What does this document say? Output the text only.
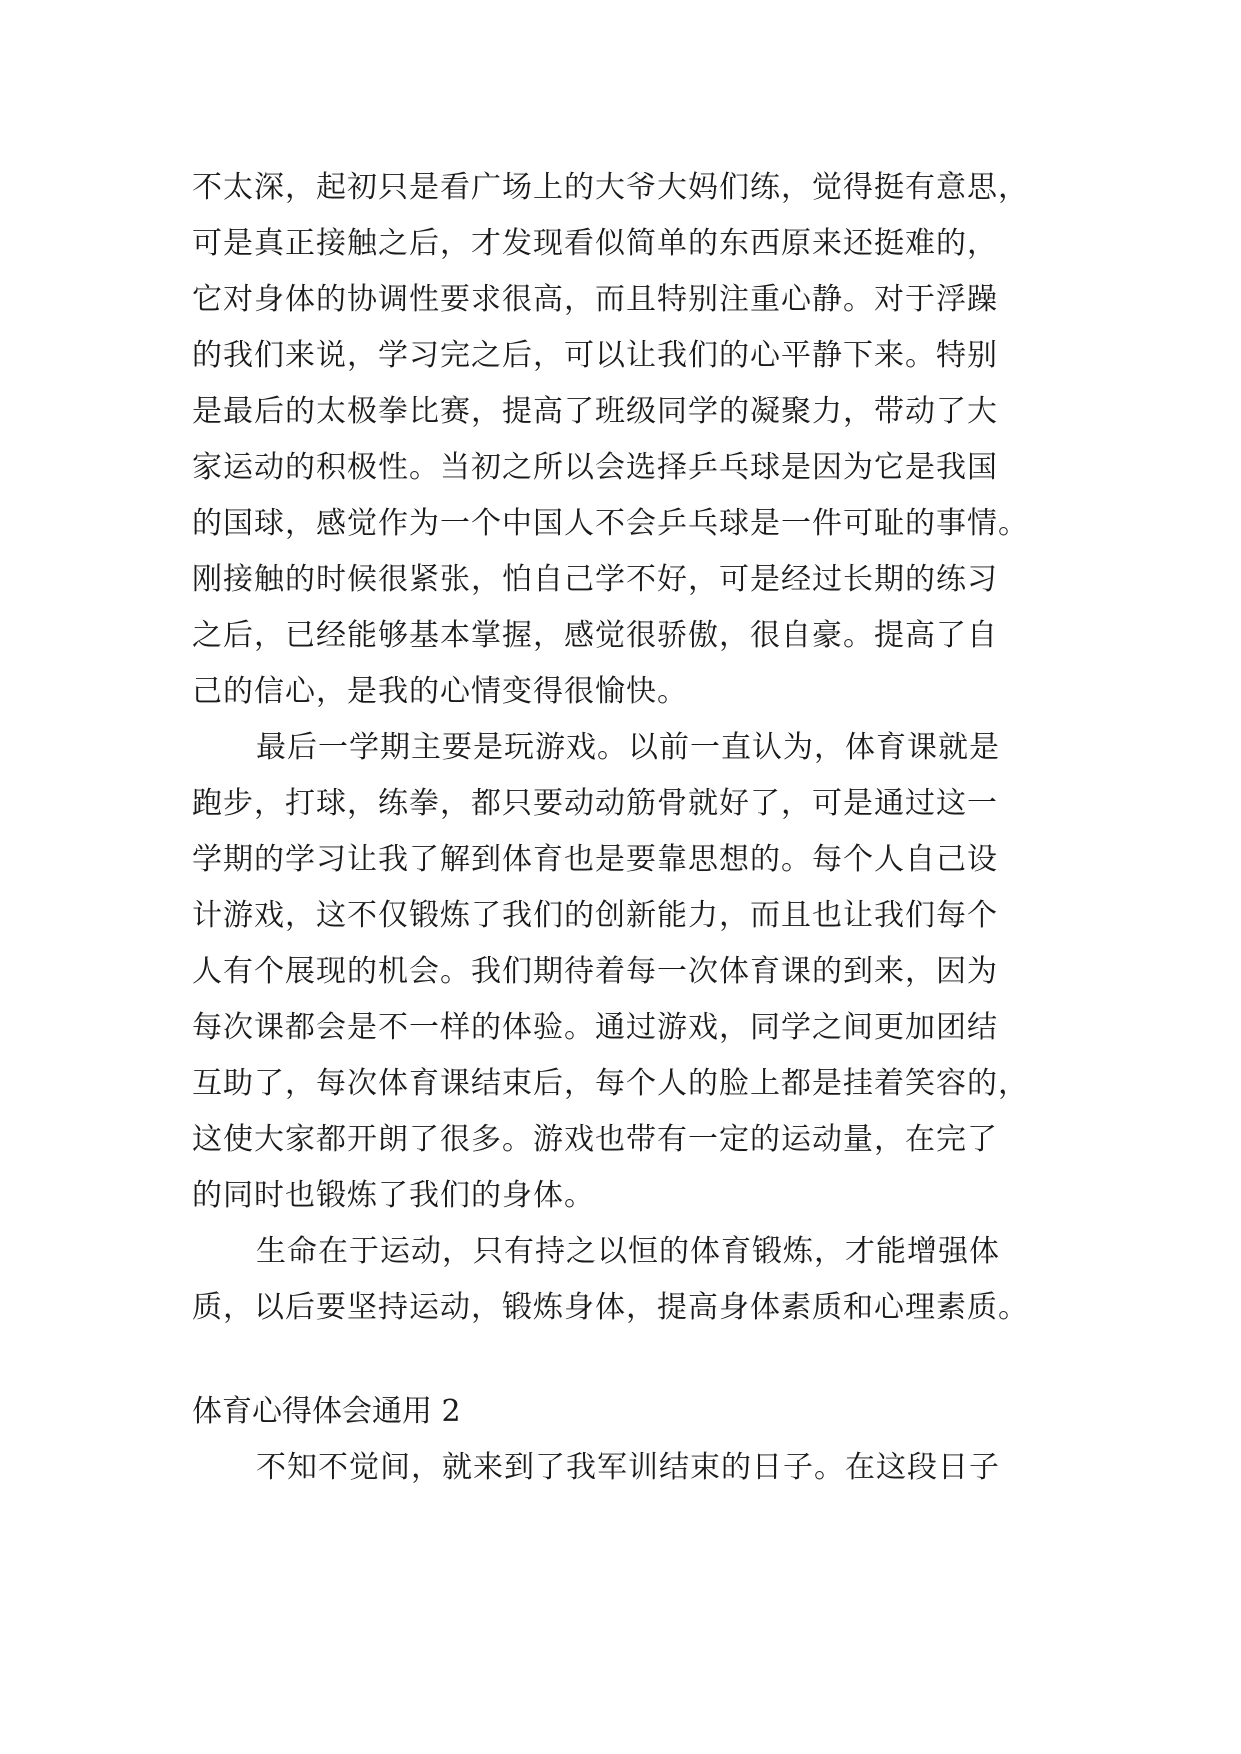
不太深，起初只是看广场上的大爷大妈们练，觉得挺有意思，
可是真正接触之后，才发现看似简单的东西原来还挺难的，
它对身体的协调性要求很高，而且特别注重心静。对于浮躁
的我们来说，学习完之后，可以让我们的心平静下来。特别
是最后的太极拳比赛，提高了班级同学的凝聚力，带动了大
家运动的积极性。当初之所以会选择乒乓球是因为它是我国
的国球，感觉作为一个中国人不会乒乓球是一件可耻的事情。
刚接触的时候很紧张，怕自己学不好，可是经过长期的练习
之后，已经能够基本掌握，感觉很骄傲，很自豪。提高了自
己的信心，是我的心情变得很愉快。
最后一学期主要是玩游戏。以前一直认为，体育课就是
跑步，打球，练拳，都只要动动筋骨就好了，可是通过这一
学期的学习让我了解到体育也是要靠思想的。每个人自己设
计游戏，这不仅锻炼了我们的创新能力，而且也让我们每个
人有个展现的机会。我们期待着每一次体育课的到来，因为
每次课都会是不一样的体验。通过游戏，同学之间更加团结
互助了，每次体育课结束后，每个人的脸上都是挂着笑容的，
这使大家都开朗了很多。游戏也带有一定的运动量，在完了
的同时也锻炼了我们的身体。
生命在于运动，只有持之以恒的体育锻炼，才能增强体
质，以后要坚持运动，锻炼身体，提高身体素质和心理素质。
体育心得体会通用 2
不知不觉间，就来到了我军训结束的日子。在这段日子
